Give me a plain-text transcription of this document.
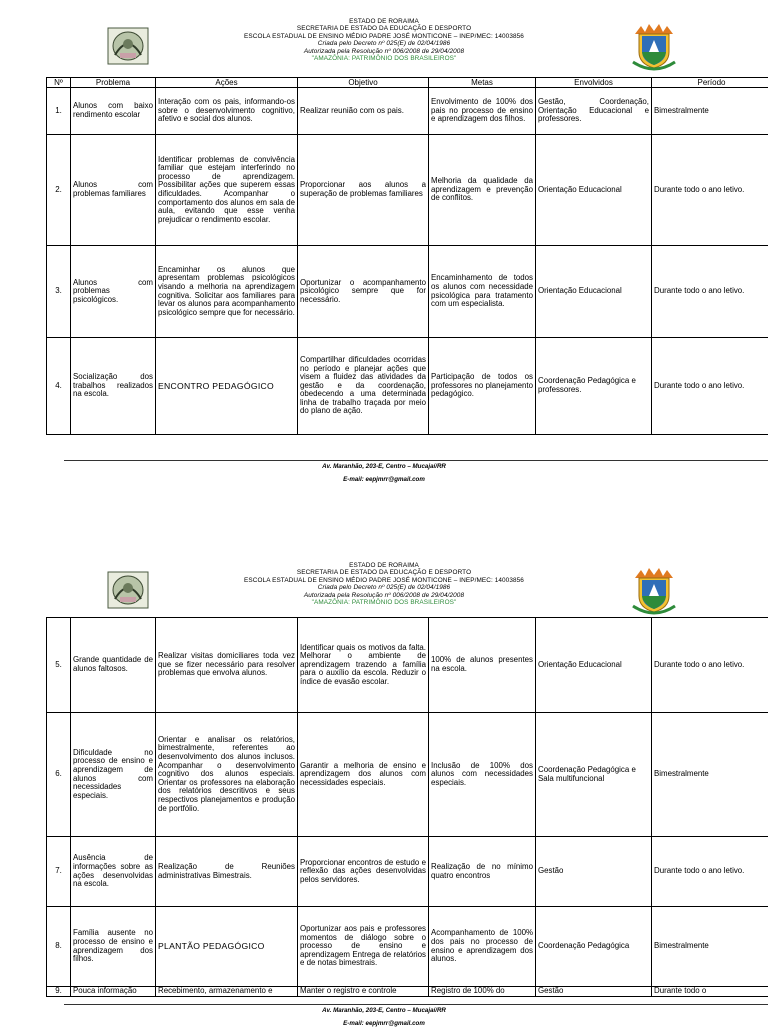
ESTADO DE RORAIMA
SECRETARIA DE ESTADO DA EDUCAÇÃO E DESPORTO
ESCOLA ESTADUAL DE ENSINO MÉDIO PADRE JOSÉ MONTICONE – INEP/MEC: 14003856
Criada pelo Decreto nº 025(E) de 02/04/1986
Autorizada pela Resolução nº 006/2008 de 29/04/2008
"AMAZÔNIA: PATRIMÔNIO DOS BRASILEIROS"
Nº	Problema	Ações	Objetivo	Metas	Envolvidos	Período
1.	Alunos com baixo rendimento escolar	Interação com os pais, informando-os sobre o desenvolvimento cognitivo, afetivo e social dos alunos.	Realizar reunião com os pais.	Envolvimento de 100% dos pais no processo de ensino e aprendizagem dos filhos.	Gestão, Coordenação, Orientação Educacional e professores.	Bimestralmente
2.	Alunos com problemas familiares	Identificar problemas de convivência familiar que estejam interferindo no processo de aprendizagem. Possibilitar ações que superem essas dificuldades. Acompanhar o comportamento dos alunos em sala de aula, evitando que esse venha prejudicar o rendimento escolar.	Proporcionar aos alunos a superação de problemas familiares	Melhoria da qualidade da aprendizagem e prevenção de conflitos.	Orientação Educacional	Durante todo o ano letivo.
3.	Alunos com problemas psicológicos.	Encaminhar os alunos que apresentam problemas psicológicos visando a melhoria na aprendizagem cognitiva. Solicitar aos familiares para levar os alunos para acompanhamento psicológico sempre que for necessário.	Oportunizar o acompanhamento psicológico sempre que for necessário.	Encaminhamento de todos os alunos com necessidade psicológica para tratamento com um especialista.	Orientação Educacional	Durante todo o ano letivo.
4.	Socialização dos trabalhos realizados na escola.	ENCONTRO PEDAGÓGICO	Compartilhar dificuldades ocorridas no período e planejar ações que visem a fluidez das atividades da gestão e da coordenação, obedecendo a uma determinada linha de trabalho traçada por meio do plano de ação.	Participação de todos os professores no planejamento pedagógico.	Coordenação Pedagógica e professores.	Durante todo o ano letivo.
Av. Maranhão, 203-E, Centro – Mucajaí/RR
E-mail: eepjmrr@gmail.com
ESTADO DE RORAIMA
SECRETARIA DE ESTADO DA EDUCAÇÃO E DESPORTO
ESCOLA ESTADUAL DE ENSINO MÉDIO PADRE JOSÉ MONTICONE – INEP/MEC: 14003856
Criada pelo Decreto nº 025(E) de 02/04/1986
Autorizada pela Resolução nº 006/2008 de 29/04/2008
"AMAZÔNIA: PATRIMÔNIO DOS BRASILEIROS"
5.	Grande quantidade de alunos faltosos.	Realizar visitas domiciliares toda vez que se fizer necessário para resolver problemas que envolva alunos.	Identificar quais os motivos da falta. Melhorar o ambiente de aprendizagem trazendo a família para o auxílio da escola. Reduzir o índice de evasão escolar.	100% de alunos presentes na escola.	Orientação Educacional	Durante todo o ano letivo.
6.	Dificuldade no processo de ensino e aprendizagem de alunos com necessidades especiais.	Orientar e analisar os relatórios, bimestralmente, referentes ao desenvolvimento dos alunos inclusos. Acompanhar o desenvolvimento cognitivo dos alunos especiais. Orientar os professores na elaboração dos relatórios descritivos e seus respectivos planejamentos e produção de portfólio.	Garantir a melhoria de ensino e aprendizagem dos alunos com necessidades especiais.	Inclusão de 100% dos alunos com necessidades especiais.	Coordenação Pedagógica e Sala multifuncional	Bimestralmente
7.	Ausência de informações sobre as ações desenvolvidas na escola.	Realização de Reuniões administrativas Bimestrais.	Proporcionar encontros de estudo e reflexão das ações desenvolvidas pelos servidores.	Realização de no mínimo quatro encontros	Gestão	Durante todo o ano letivo.
8.	Família ausente no processo de ensino e aprendizagem dos filhos.	PLANTÃO PEDAGÓGICO	Oportunizar aos pais e professores momentos de diálogo sobre o processo de ensino e aprendizagem Entrega de relatórios e de notas bimestrais.	Acompanhamento de 100% dos pais no processo de ensino e aprendizagem dos alunos.	Coordenação Pedagógica	Bimestralmente
9.	Pouca informação	Recebimento, armazenamento e	Manter o registro e controle	Registro de 100% do	Gestão	Durante todo o
Av. Maranhão, 203-E, Centro – Mucajaí/RR
E-mail: eepjmrr@gmail.com
